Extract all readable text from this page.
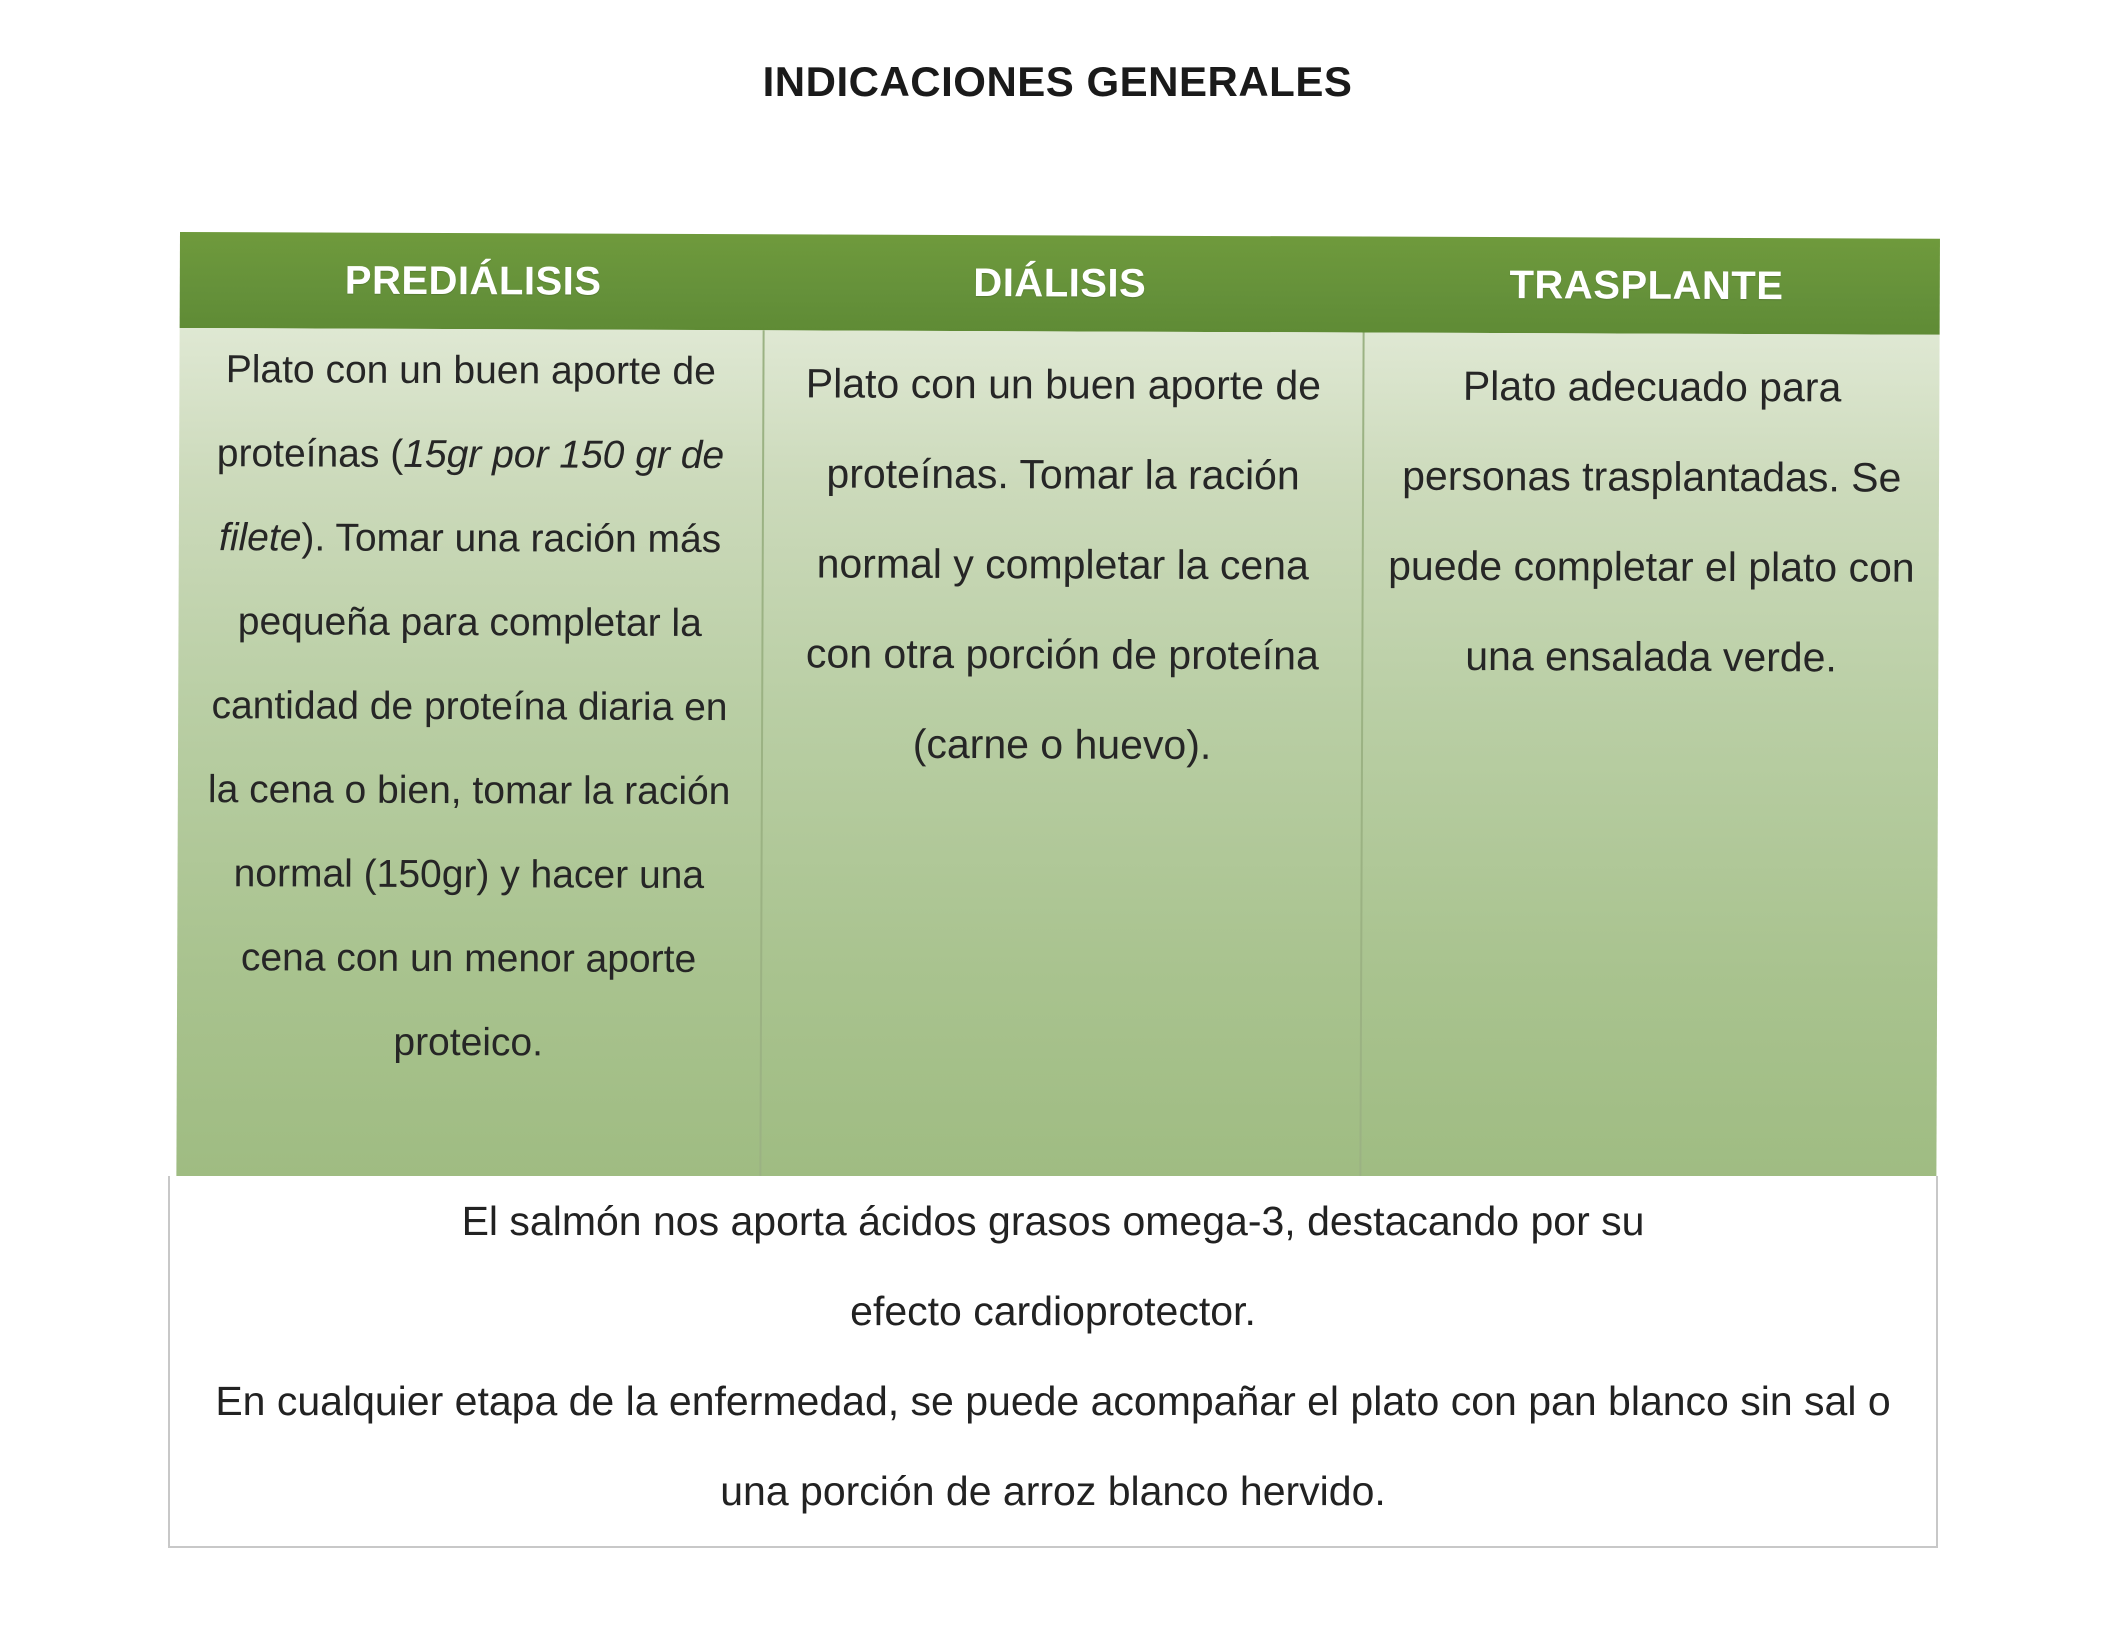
INDICACIONES GENERALES
PREDIÁLISIS	DIÁLISIS	TRASPLANTE
Plato con un buen aporte de proteínas (15gr por 150 gr de filete). Tomar una ración más pequeña para completar la cantidad de proteína diaria en la cena o bien, tomar la ración normal (150gr) y hacer una cena con un menor aporte proteico.
Plato con un buen aporte de proteínas. Tomar la ración normal y completar la cena con otra porción de proteína (carne o huevo).
Plato adecuado para personas trasplantadas. Se puede completar el plato con una ensalada verde.
El salmón nos aporta ácidos grasos omega-3, destacando por su efecto cardioprotector.
En cualquier etapa de la enfermedad, se puede acompañar el plato con pan blanco sin sal o una porción de arroz blanco hervido.
